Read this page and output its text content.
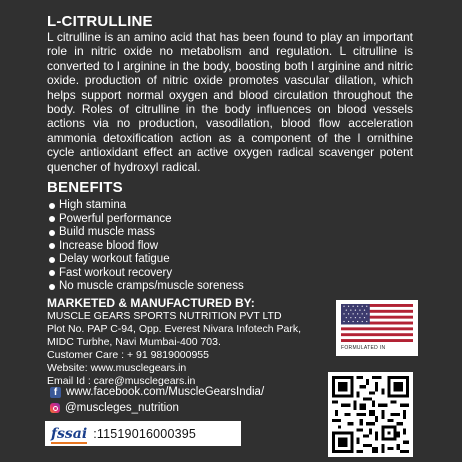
L-CITRULLINE
L citrulline is an amino acid that has been found to play an important role in nitric oxide no metabolism and regulation. L citrulline is converted to l arginine in the body, boosting both l arginine and nitric oxide. production of nitric oxide promotes vascular dilation, which helps support normal oxygen and blood circulation throughout the body. Roles of citrulline in the body influences on blood vessels actions via no production, vasodilation, blood flow acceleration ammonia detoxification action as a component of the l ornithine cycle antioxidant effect an active oxygen radical scavenger potent quencher of hydroxyl radical.
BENEFITS
High stamina
Powerful performance
Build muscle mass
Increase blood flow
Delay workout fatigue
Fast workout recovery
No muscle cramps/muscle soreness
MARKETED & MANUFACTURED BY:
MUSCLE GEARS SPORTS NUTRITION PVT LTD
Plot No. PAP C-94, Opp. Everest Nivara Infotech Park,
MIDC Turbhe, Navi Mumbai-400 703.
Customer Care : + 91 9819000955
Website: www.musclegears.in
Email Id : care@musclegears.in
f www.facebook.com/MuscleGearsIndia/
@muscleges_nutrition
fssai :11519016000395
FORMULATED IN
